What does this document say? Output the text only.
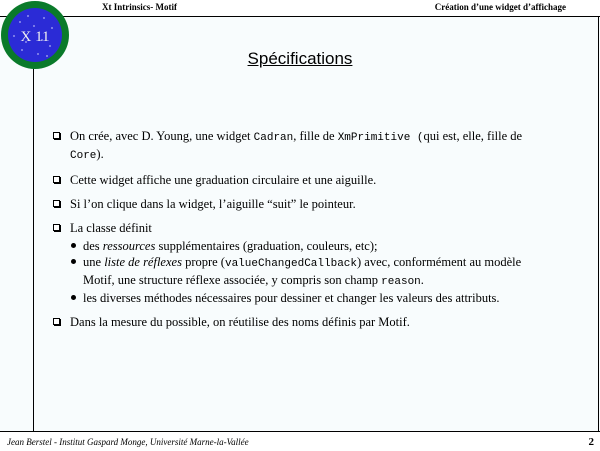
Xt Intrinsics- Motif	Création d’une widget d’affichage
X 11
Spécifications
On crée, avec D. Young, une widget Cadran, fille de XmPrimitive (qui est, elle, fille de Core).
Cette widget affiche une graduation circulaire et une aiguille.
Si l’on clique dans la widget, l’aiguille “suit” le pointeur.
La classe définit
des ressources supplémentaires (graduation, couleurs, etc);
une liste de réflexes propre (valueChangedCallback) avec, conformément au modèle Motif, une structure réflexe associée, y compris son champ reason.
les diverses méthodes nécessaires pour dessiner et changer les valeurs des attributs.
Dans la mesure du possible, on réutilise des noms définis par Motif.
Jean Berstel - Institut Gaspard Monge, Université Marne-la-Vallée	2
